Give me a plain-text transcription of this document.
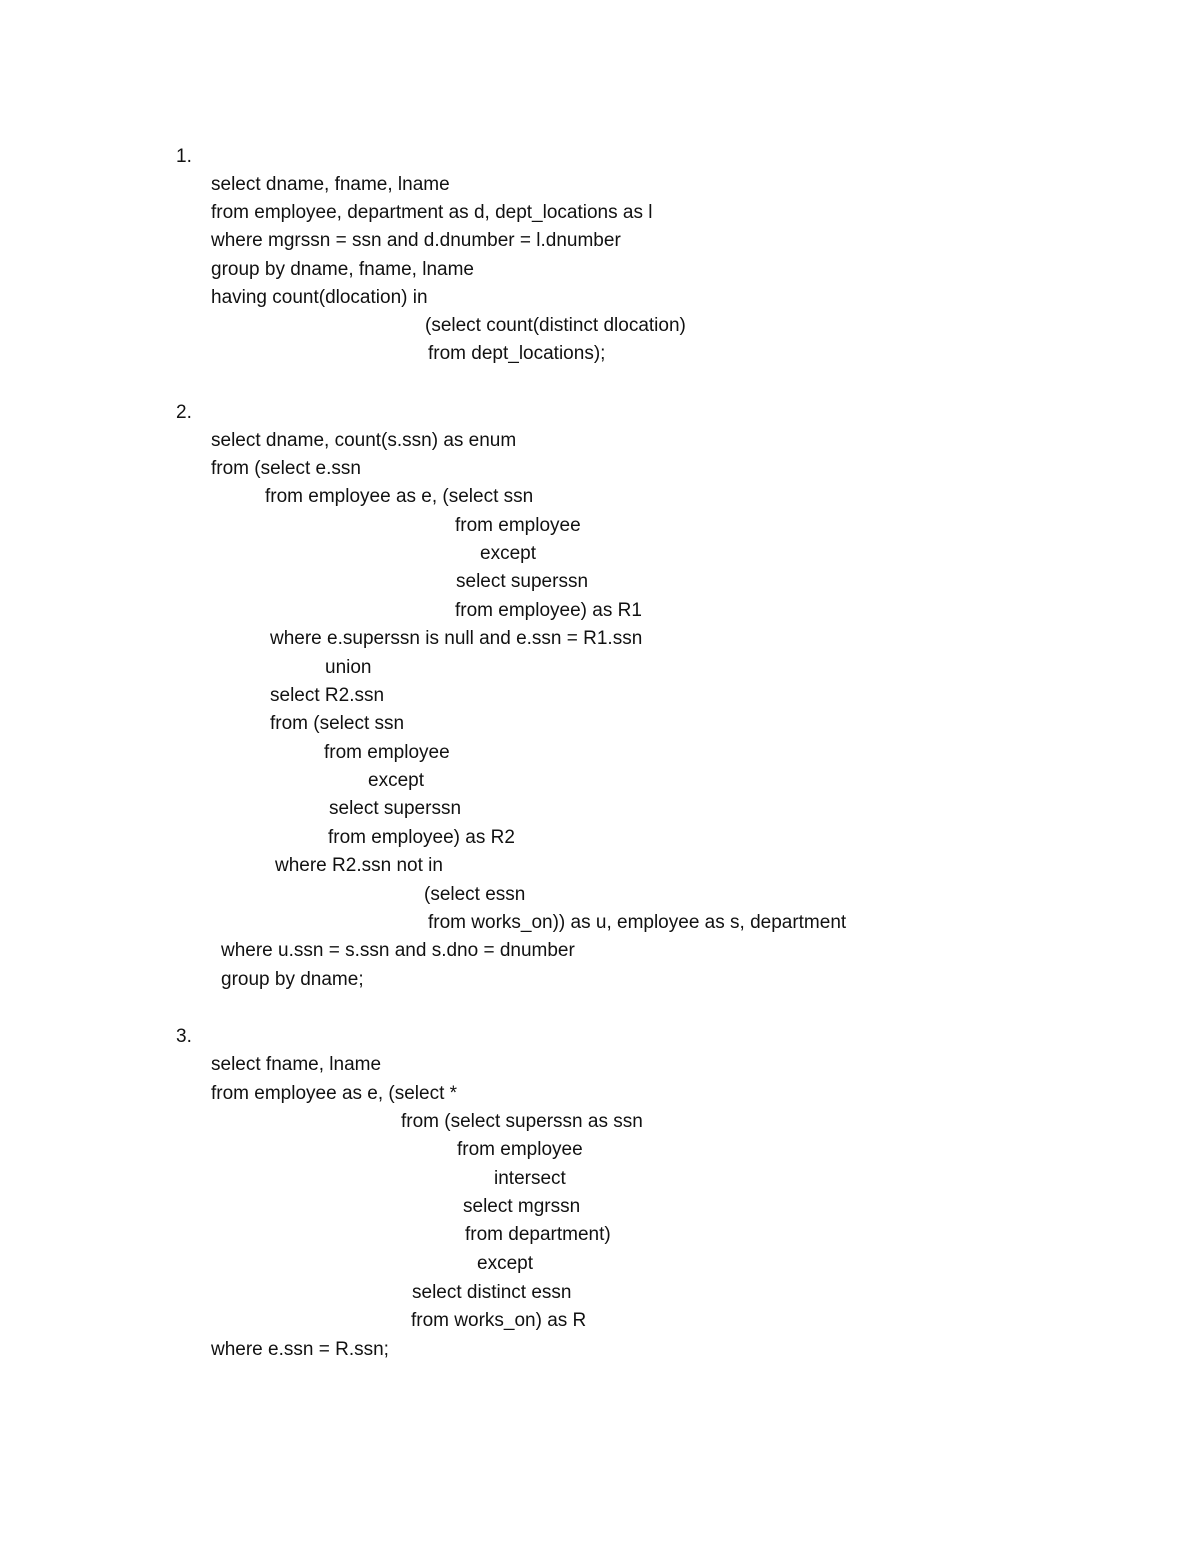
1.
select dname, fname, lname
from employee, department as d, dept_locations as l
where mgrssn = ssn and d.dnumber = l.dnumber
group by dname, fname, lname
having count(dlocation) in
(select count(distinct dlocation)
from dept_locations);
2.
select dname, count(s.ssn) as enum
from (select e.ssn
from employee as e, (select ssn
from employee
except
select superssn
from employee) as R1
where e.superssn is null and e.ssn = R1.ssn
union
select R2.ssn
from (select ssn
from employee
except
select superssn
from employee) as R2
where R2.ssn not in
(select essn
from works_on)) as u, employee as s, department
where u.ssn = s.ssn and s.dno = dnumber
group by dname;
3.
select fname, lname
from employee as e, (select *
from (select superssn as ssn
from employee
intersect
select mgrssn
from department)
except
select distinct essn
from works_on) as R
where e.ssn = R.ssn;
